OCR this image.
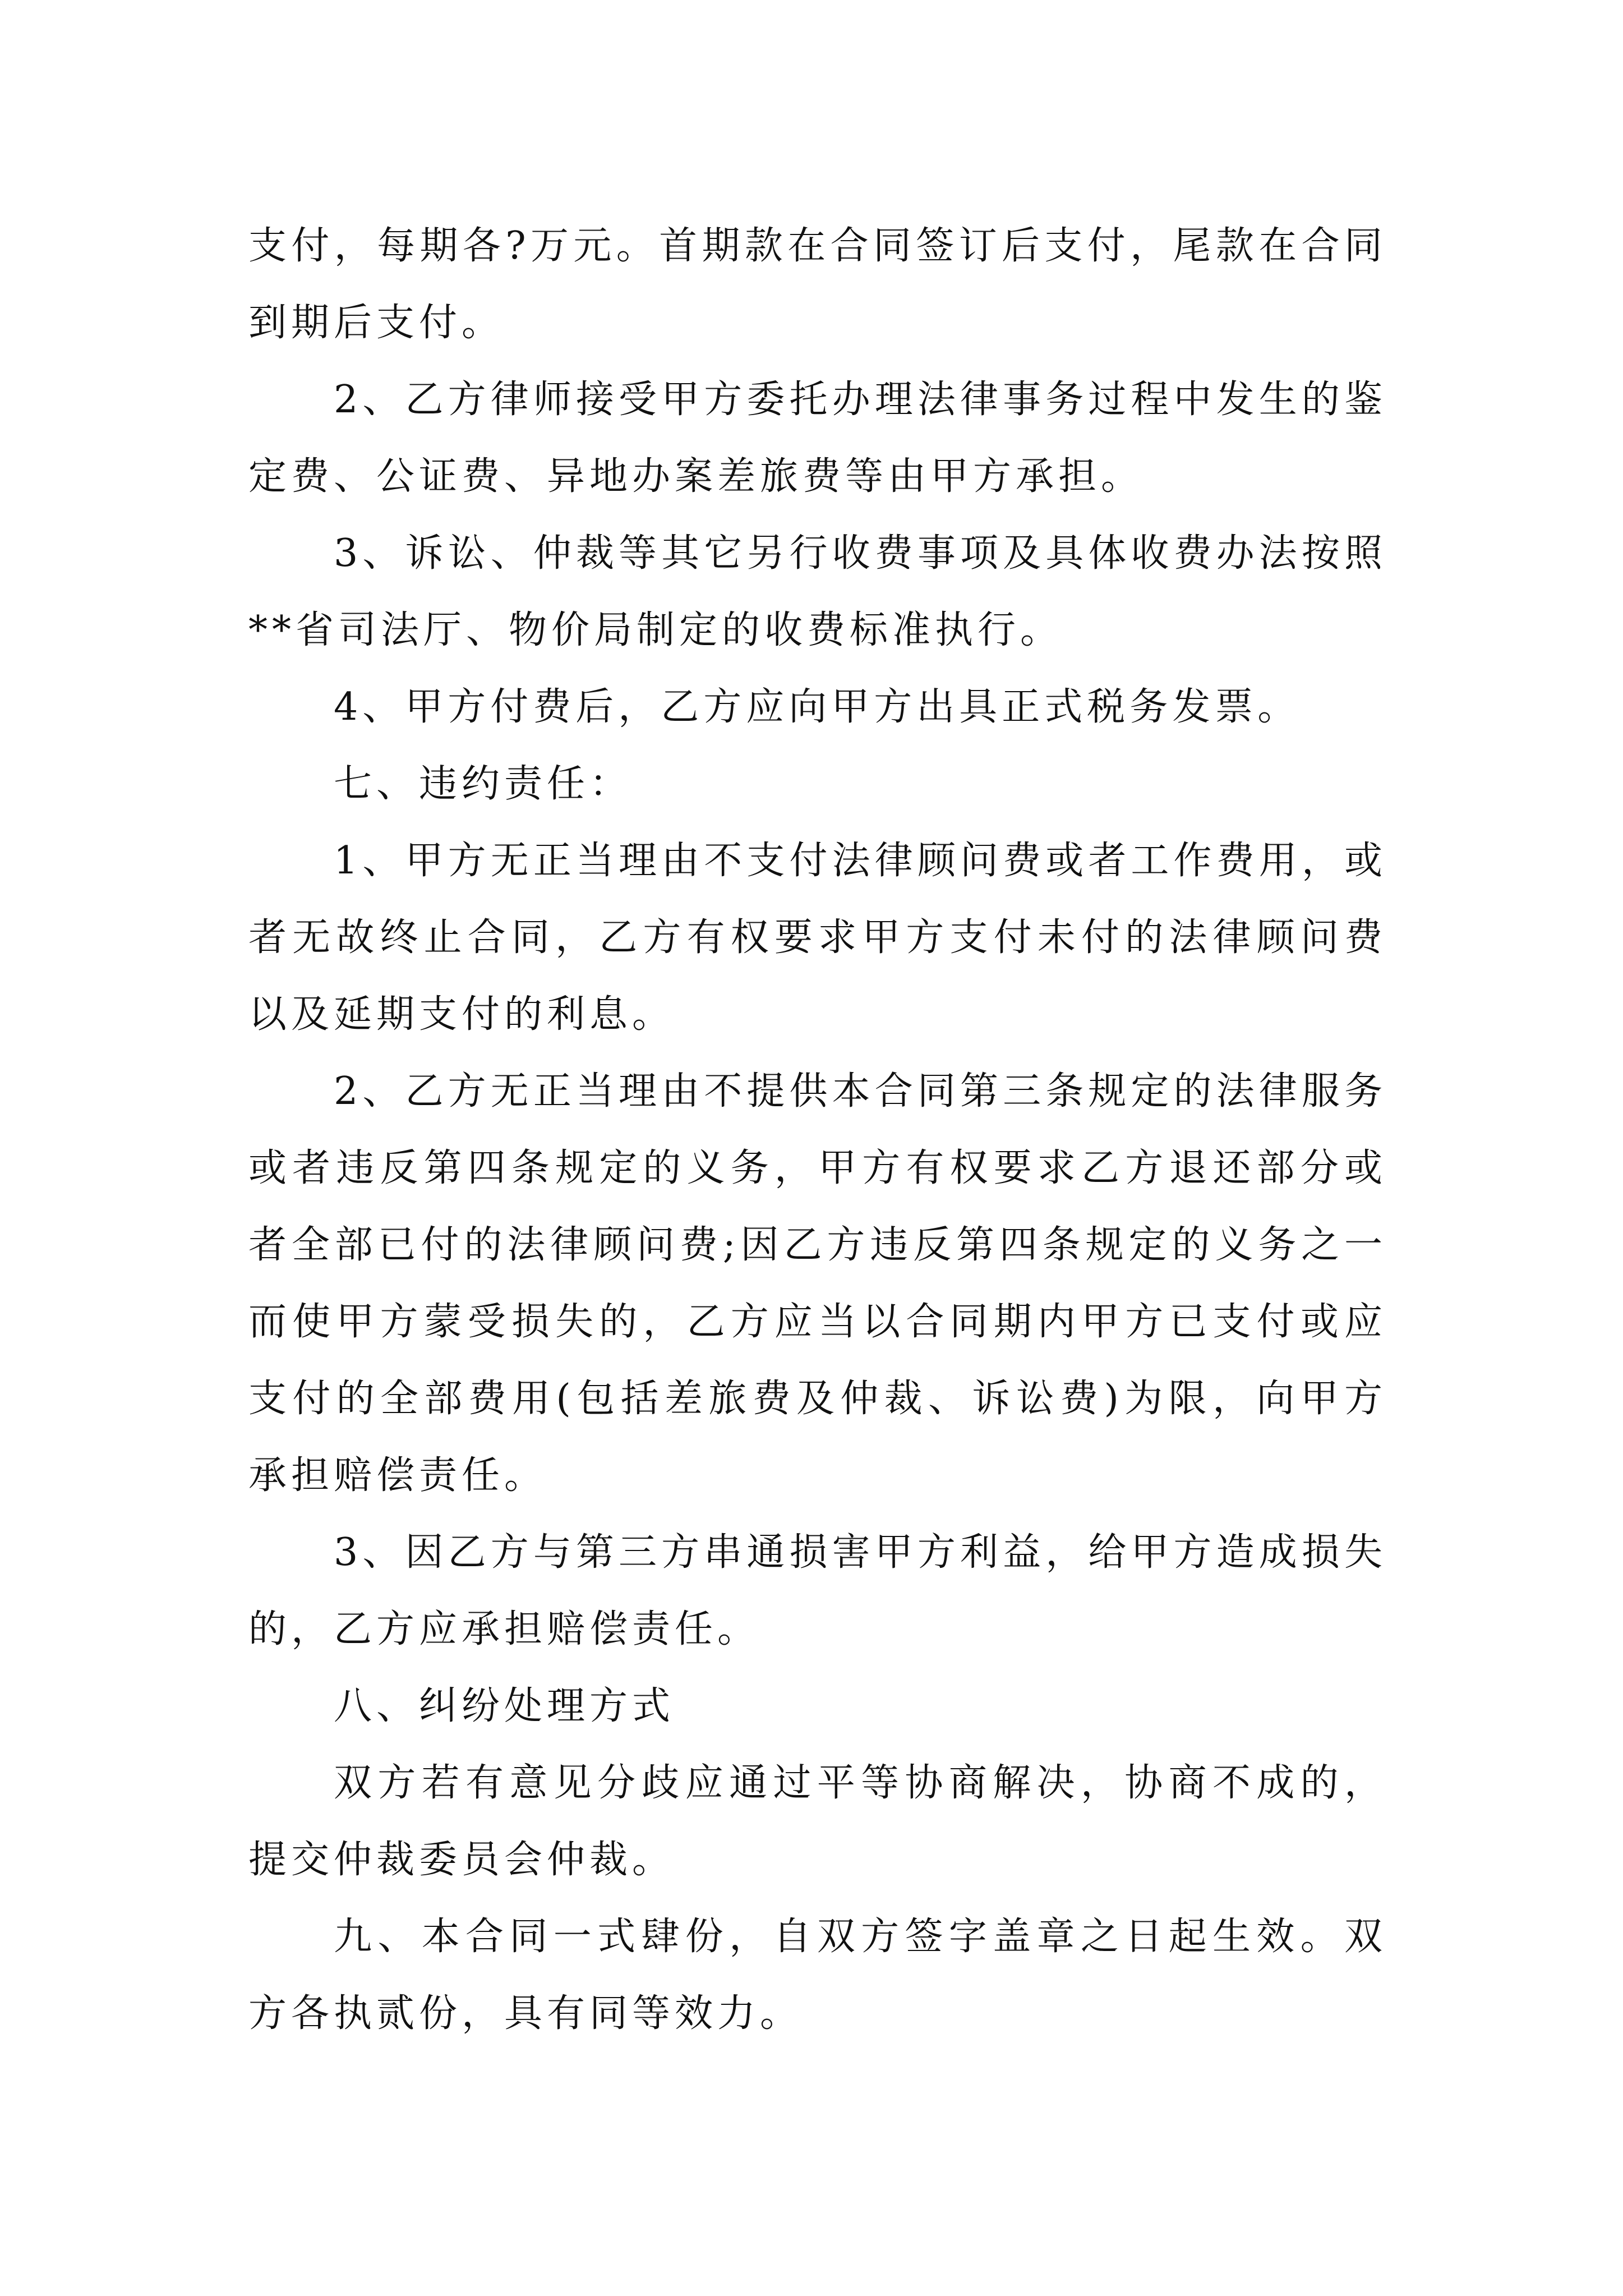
支付，每期各?万元。首期款在合同签订后支付，尾款在合同到期后支付。

2、乙方律师接受甲方委托办理法律事务过程中发生的鉴定费、公证费、异地办案差旅费等由甲方承担。

3、诉讼、仲裁等其它另行收费事项及具体收费办法按照**省司法厅、物价局制定的收费标准执行。

4、甲方付费后，乙方应向甲方出具正式税务发票。

七、违约责任：

1、甲方无正当理由不支付法律顾问费或者工作费用，或者无故终止合同，乙方有权要求甲方支付未付的法律顾问费以及延期支付的利息。

2、乙方无正当理由不提供本合同第三条规定的法律服务或者违反第四条规定的义务，甲方有权要求乙方退还部分或者全部已付的法律顾问费;因乙方违反第四条规定的义务之一而使甲方蒙受损失的，乙方应当以合同期内甲方已支付或应支付的全部费用(包括差旅费及仲裁、诉讼费)为限，向甲方承担赔偿责任。

3、因乙方与第三方串通损害甲方利益，给甲方造成损失的，乙方应承担赔偿责任。

八、纠纷处理方式

双方若有意见分歧应通过平等协商解决，协商不成的，提交仲裁委员会仲裁。

九、本合同一式肆份，自双方签字盖章之日起生效。双方各执贰份，具有同等效力。
